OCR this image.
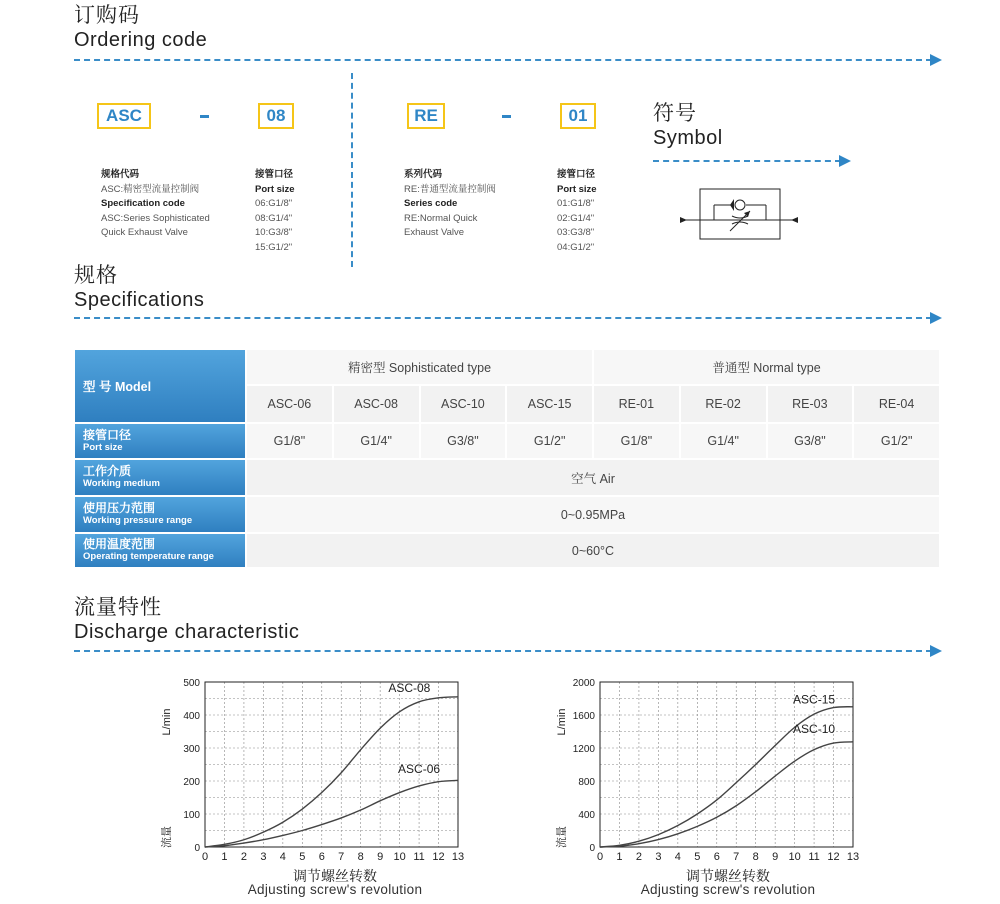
订购码
Ordering code
ASC	08
规格代码
ASC:精密型流量控制阀
Specification code
ASC:Series Sophisticated
Quick Exhaust Valve
接管口径
Port size
06:G1/8"
08:G1/4"
10:G3/8"
15:G1/2"
RE	01
系列代码
RE:普通型流量控制阀
Series code
RE:Normal Quick
Exhaust Valve
接管口径
Port size
01:G1/8"
02:G1/4"
03:G3/8"
04:G1/2"
符号
Symbol
规格
Specifications
型 号 Model	精密型 Sophisticated type				普通型 Normal type			
	ASC-06	ASC-08	ASC-10	ASC-15	RE-01	RE-02	RE-03	RE-04

接管口径
Port size	G1/8"	G1/4"	G3/8"	G1/2"	G1/8"	G1/4"	G3/8"	G1/2"

工作介质
Working medium	空气 Air							

使用压力范围
Working pressure range	0~0.95MPa							

使用温度范围
Operating temperature range	0~60°C							
流量特性
Discharge characteristic
0 1 2 3 4 5 6 7 8 9 10 11 12 13
0
100
200
300
400
500
L/min
流量
ASC-08
ASC-06
调节螺丝转数
Adjusting screw's revolution
0 1 2 3 4 5 6 7 8 9 10 11 12 13
0
400
800
1200
1600
2000
L/min
流量
ASC-15
ASC-10
调节螺丝转数
Adjusting screw's revolution
